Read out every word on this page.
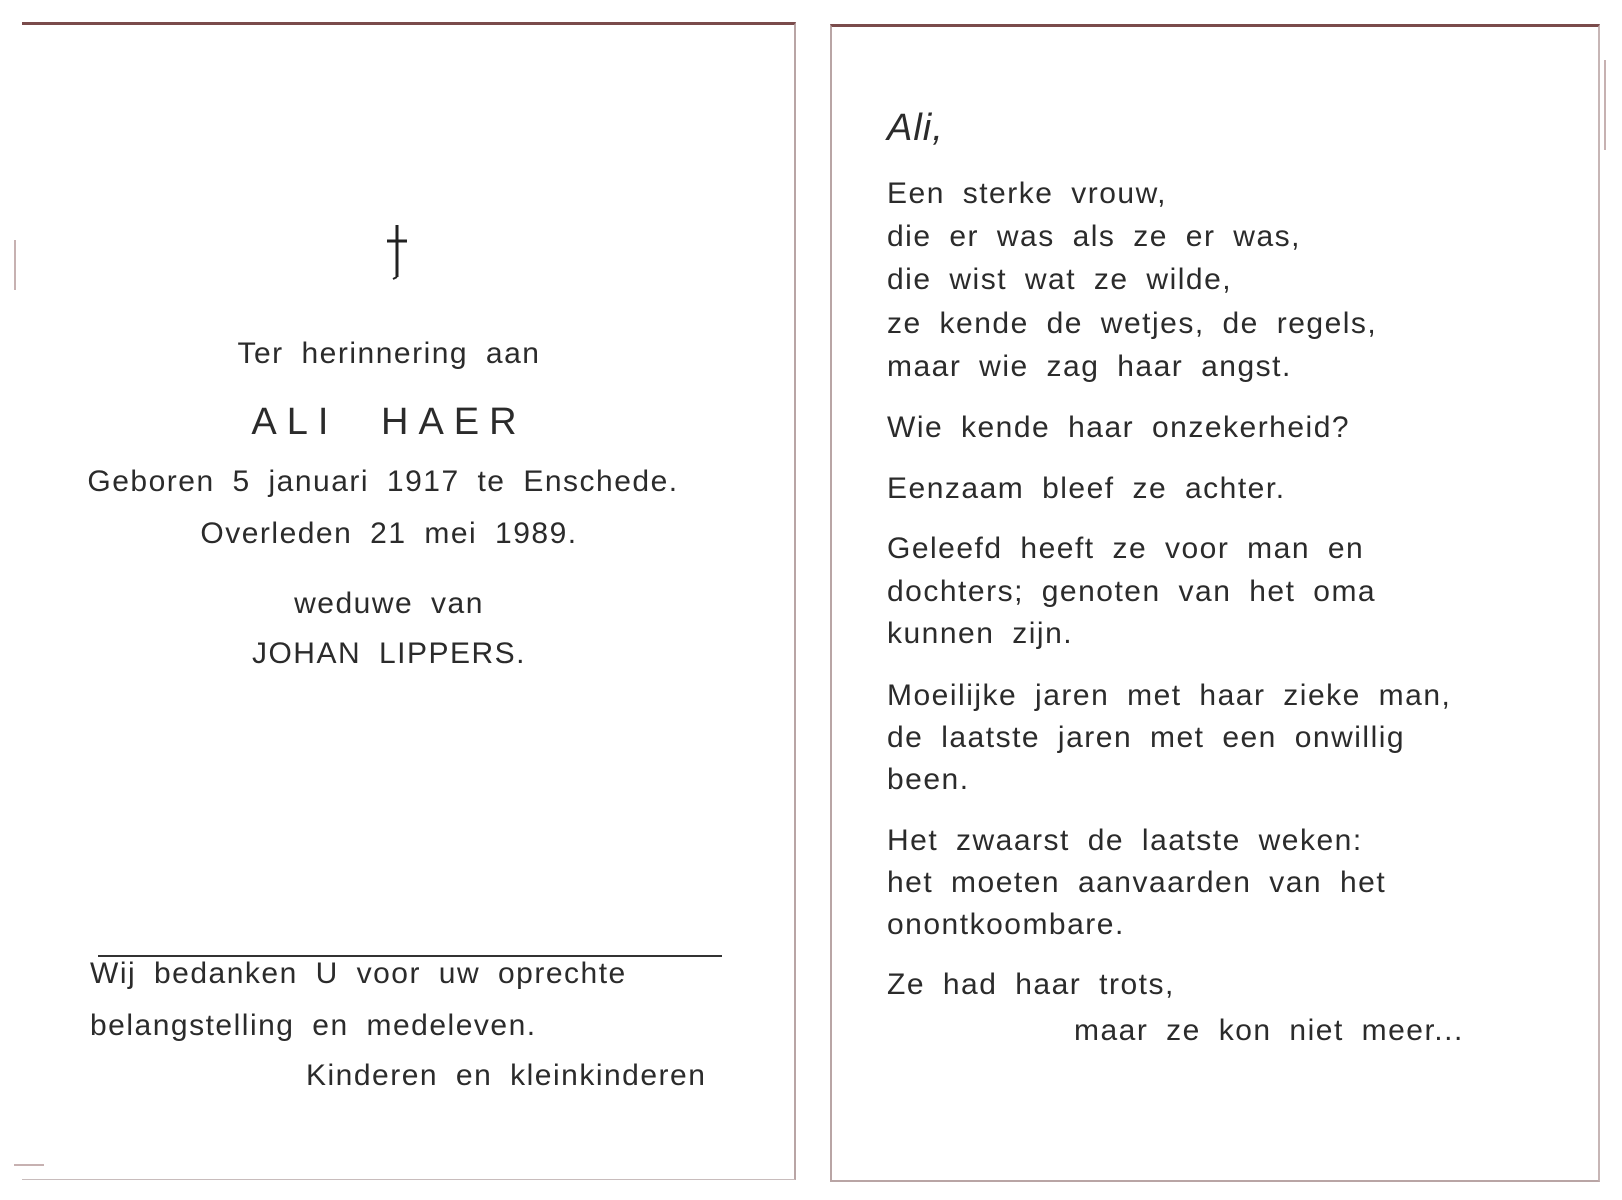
Ter herinnering aan
ALI HAER
Geboren 5 januari 1917 te Enschede.
Overleden 21 mei 1989.
weduwe van
JOHAN LIPPERS.
Wij bedanken U voor uw oprechte
belangstelling en medeleven.
Kinderen en kleinkinderen
Ali,
Een sterke vrouw,
die er was als ze er was,
die wist wat ze wilde,
ze kende de wetjes, de regels,
maar wie zag haar angst.
Wie kende haar onzekerheid?
Eenzaam bleef ze achter.
Geleefd heeft ze voor man en
dochters; genoten van het oma
kunnen zijn.
Moeilijke jaren met haar zieke man,
de laatste jaren met een onwillig
been.
Het zwaarst de laatste weken:
het moeten aanvaarden van het
onontkoombare.
Ze had haar trots,
maar ze kon niet meer...
